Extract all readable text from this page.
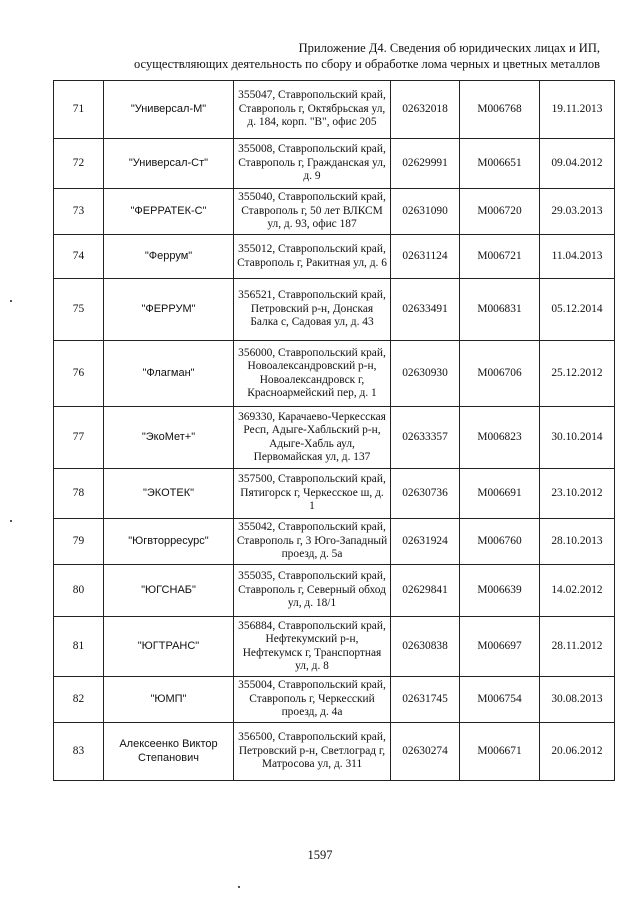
Приложение Д4. Сведения об юридических лицах и ИП,
осуществляющих деятельность по сбору и обработке лома черных и цветных металлов
71	"Универсал-М"	355047, Ставропольский край, Ставрополь г, Октябрьская ул, д. 184, корп. "В", офис 205	02632018	М006768	19.11.2013
72	"Универсал-Ст"	355008, Ставропольский край, Ставрополь г, Гражданская ул, д. 9	02629991	М006651	09.04.2012
73	"ФЕРРАТЕК-С"	355040, Ставропольский край, Ставрополь г, 50 лет ВЛКСМ ул, д. 93, офис 187	02631090	М006720	29.03.2013
74	"Феррум"	355012, Ставропольский край, Ставрополь г, Ракитная ул, д. 6	02631124	М006721	11.04.2013
75	"ФЕРРУМ"	356521, Ставропольский край, Петровский р-н, Донская Балка с, Садовая ул, д. 43	02633491	М006831	05.12.2014
76	"Флагман"	356000, Ставропольский край, Новоалександровский р-н, Новоалександровск г, Красноармейский пер, д. 1	02630930	М006706	25.12.2012
77	"ЭкоМет+"	369330, Карачаево-Черкесская Респ, Адыге-Хабльский р-н, Адыге-Хабль аул, Первомайская ул, д. 137	02633357	М006823	30.10.2014
78	"ЭКОТЕК"	357500, Ставропольский край, Пятигорск г, Черкесское ш, д. 1	02630736	М006691	23.10.2012
79	"Югвторресурс"	355042, Ставропольский край, Ставрополь г, 3 Юго-Западный проезд, д. 5а	02631924	М006760	28.10.2013
80	"ЮГСНАБ"	355035, Ставропольский край, Ставрополь г, Северный обход ул, д. 18/1	02629841	М006639	14.02.2012
81	"ЮГТРАНС"	356884, Ставропольский край, Нефтекумский р-н, Нефтекумск г, Транспортная ул, д. 8	02630838	М006697	28.11.2012
82	"ЮМП"	355004, Ставропольский край, Ставрополь г, Черкесский проезд, д. 4а	02631745	М006754	30.08.2013
83	Алексеенко Виктор Степанович	356500, Ставропольский край, Петровский р-н, Светлоград г, Матросова ул, д. 311	02630274	М006671	20.06.2012
1597
